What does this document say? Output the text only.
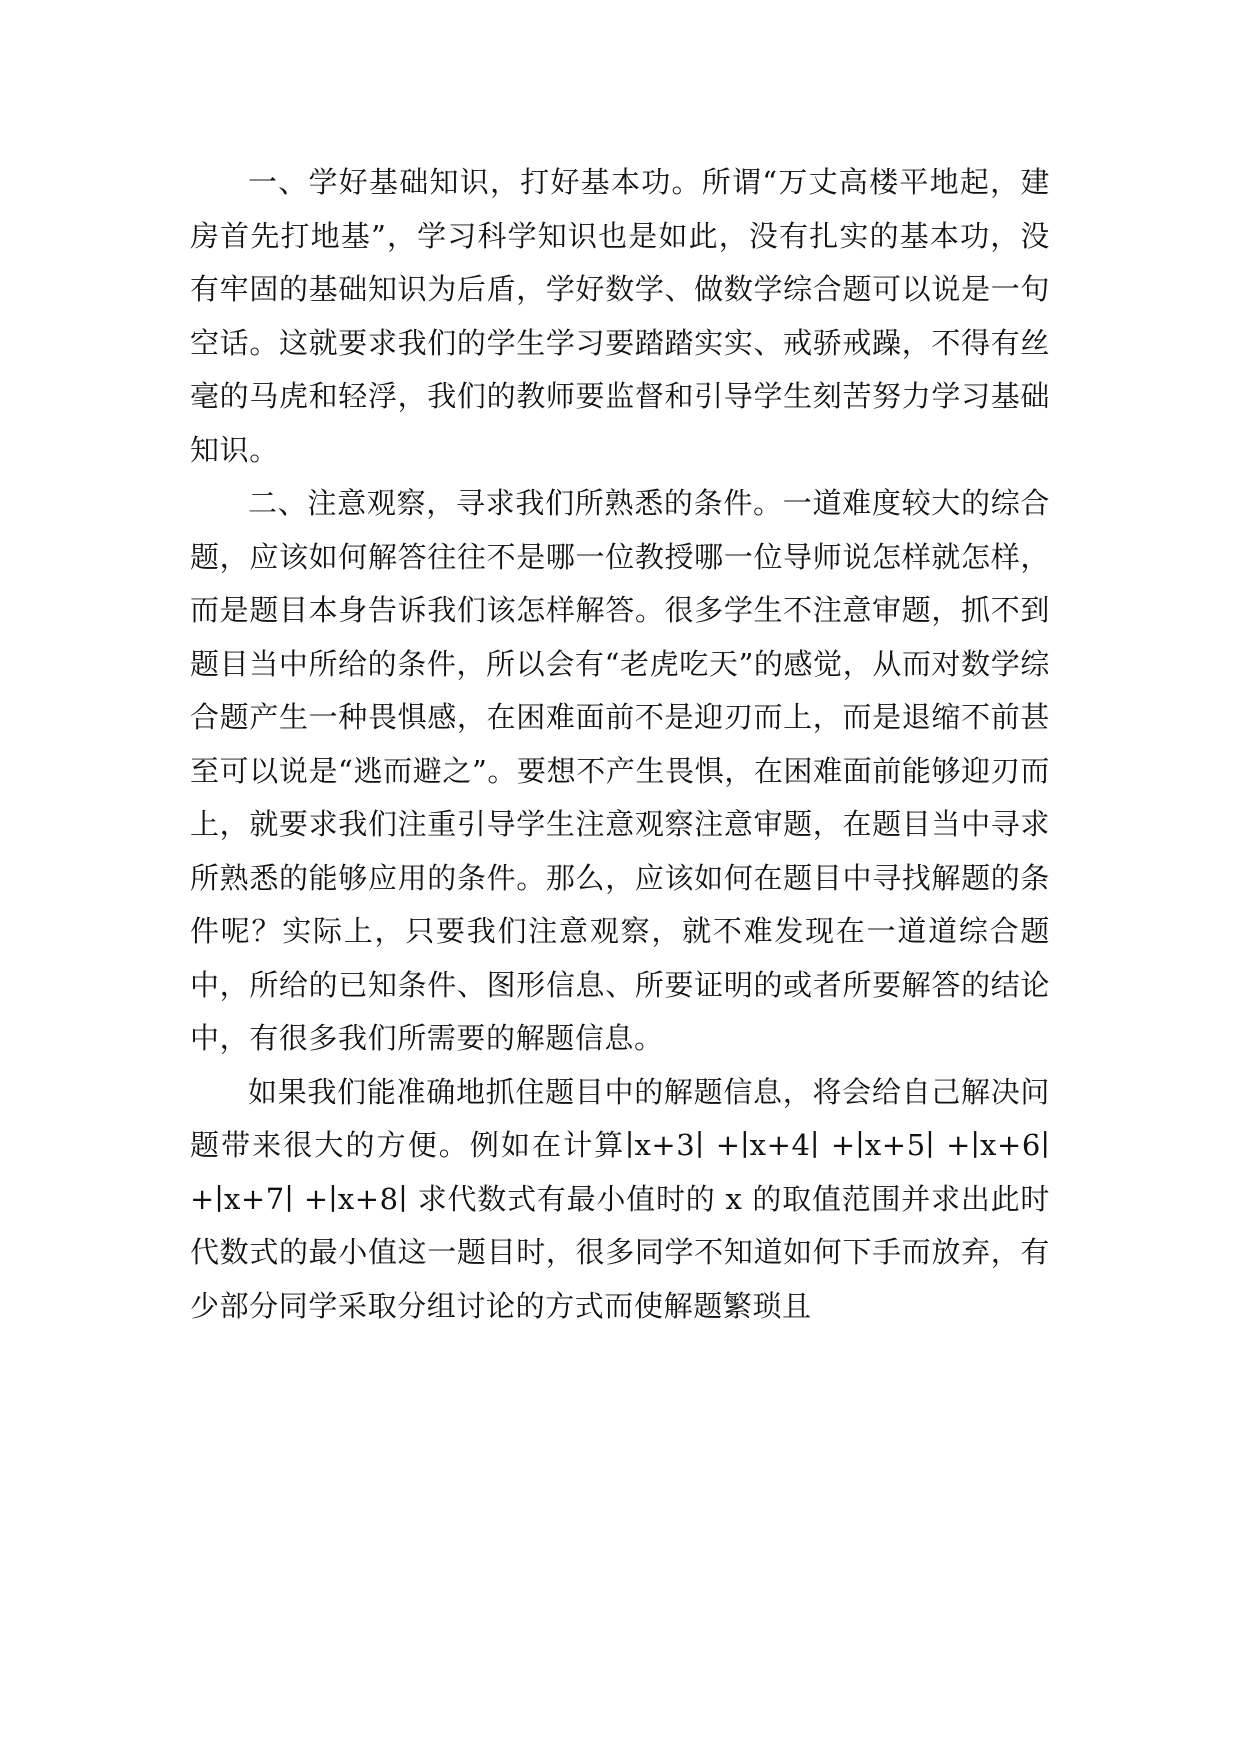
一、学好基础知识，打好基本功。所谓“万丈高楼平地起，建房首先打地基”，学习科学知识也是如此，没有扎实的基本功，没有牢固的基础知识为后盾，学好数学、做数学综合题可以说是一句空话。这就要求我们的学生学习要踏踏实实、戒骄戒躁，不得有丝毫的马虎和轻浮，我们的教师要监督和引导学生刻苦努力学习基础知识。

二、注意观察，寻求我们所熟悉的条件。一道难度较大的综合题，应该如何解答往往不是哪一位教授哪一位导师说怎样就怎样，而是题目本身告诉我们该怎样解答。很多学生不注意审题，抓不到题目当中所给的条件，所以会有“老虎吃天”的感觉，从而对数学综合题产生一种畏惧感，在困难面前不是迎刃而上，而是退缩不前甚至可以说是“逃而避之”。要想不产生畏惧，在困难面前能够迎刃而上，就要求我们注重引导学生注意观察注意审题，在题目当中寻求所熟悉的能够应用的条件。那么，应该如何在题目中寻找解题的条件呢？实际上，只要我们注意观察，就不难发现在一道道综合题中，所给的已知条件、图形信息、所要证明的或者所要解答的结论中，有很多我们所需要的解题信息。

如果我们能准确地抓住题目中的解题信息，将会给自己解决问题带来很大的方便。例如在计算∣x+3∣ +∣x+4∣ +∣x+5∣ +∣x+6∣ +∣x+7∣ +∣x+8∣ 求代数式有最小值时的 x 的取值范围并求出此时代数式的最小值这一题目时，很多同学不知道如何下手而放弃，有少部分同学采取分组讨论的方式而使解题繁琐且
